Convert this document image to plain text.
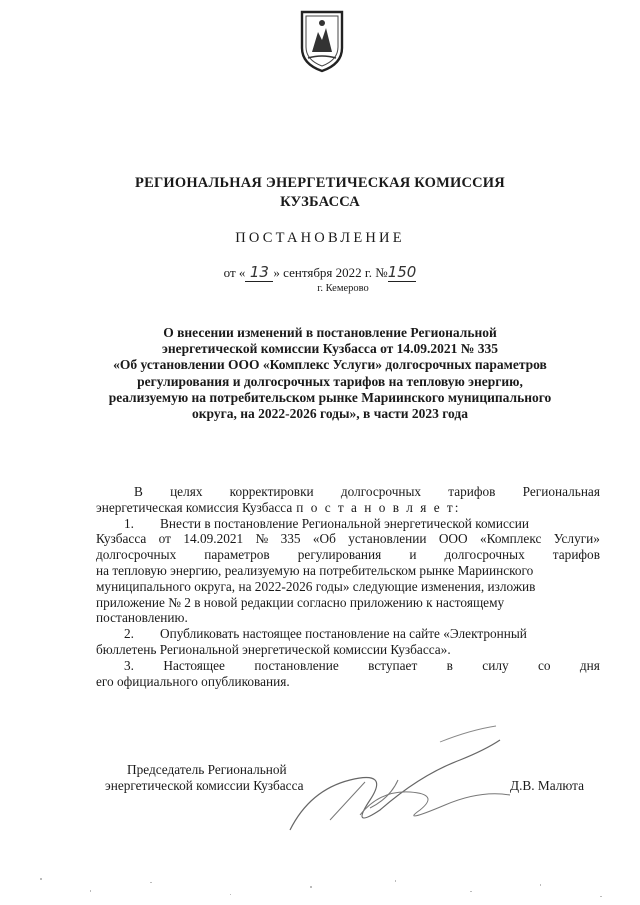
РЕГИОНАЛЬНАЯ ЭНЕРГЕТИЧЕСКАЯ КОМИССИЯ
КУЗБАССА
ПОСТАНОВЛЕНИЕ
от « 13 » сентября 2022 г. №150
г. Кемерово
О внесении изменений в постановление Региональной
энергетической комиссии Кузбасса от 14.09.2021 № 335
«Об установлении ООО «Комплекс Услуги» долгосрочных параметров
регулирования и долгосрочных тарифов на тепловую энергию,
реализуемую на потребительском рынке Мариинского муниципального
округа, на 2022-2026 годы», в части 2023 года
В целях корректировки долгосрочных тарифов Региональная
энергетическая комиссия Кузбасса п о с т а н о в л я е т:
1. Внести в постановление Региональной энергетической комиссии
Кузбасса от 14.09.2021 № 335 «Об установлении ООО «Комплекс Услуги»
долгосрочных параметров регулирования и долгосрочных тарифов
на тепловую энергию, реализуемую на потребительском рынке Мариинского
муниципального округа, на 2022-2026 годы» следующие изменения, изложив
приложение № 2 в новой редакции согласно приложению к настоящему
постановлению.
2. Опубликовать настоящее постановление на сайте «Электронный
бюллетень Региональной энергетической комиссии Кузбасса».
3. Настоящее постановление вступает в силу со дня
его официального опубликования.
Председатель Региональной
энергетической комиссии Кузбасса	Д.В. Малюта
